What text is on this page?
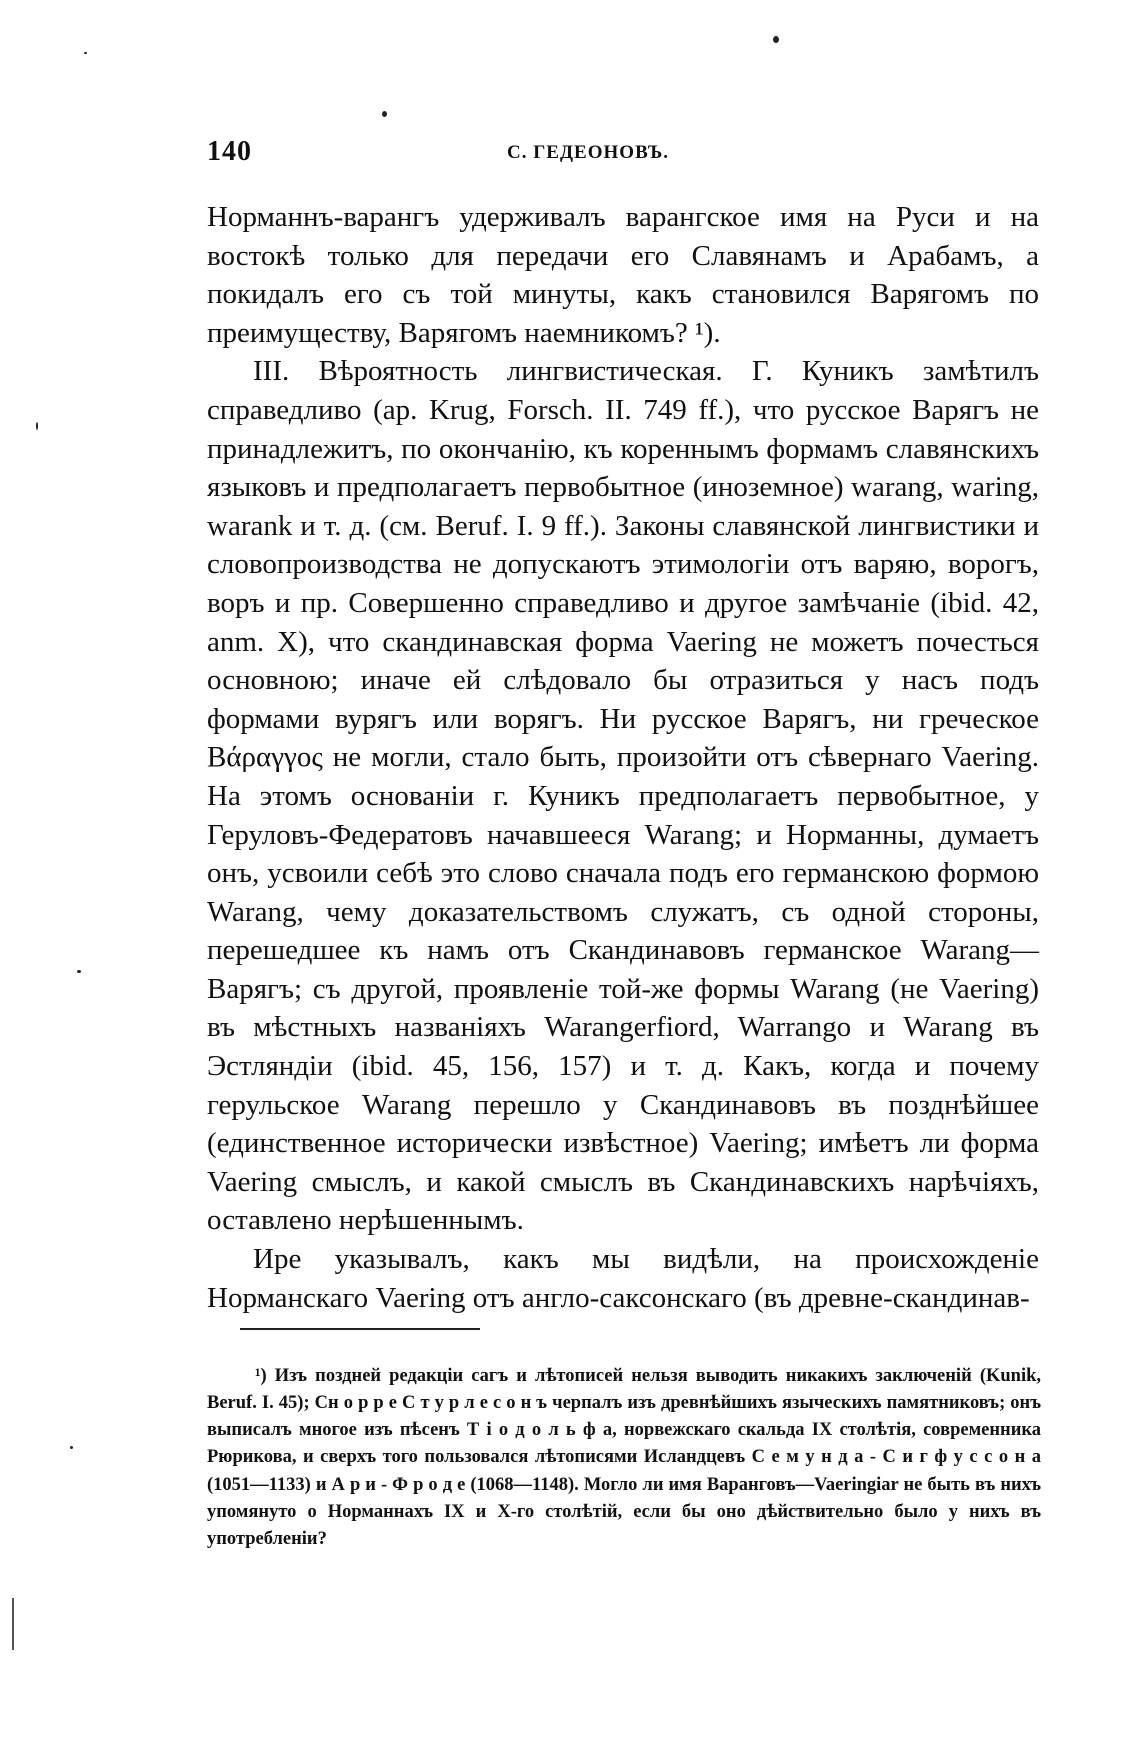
140	С. ГЕДЕОНОВЪ.

Норманнъ-варангъ удерживалъ варангское имя на Руси и на востокѣ только для передачи его Славянамъ и Арабамъ, а покидалъ его съ той минуты, какъ становился Варягомъ по преимуществу, Варягомъ наемникомъ? ¹).

III. Вѣроятность лингвистическая. Г. Куникъ замѣтилъ справедливо (ар. Krug, Forsch. II. 749 ff.), что русское Варягъ не принадлежитъ, по окончанію, къ кореннымъ формамъ славянскихъ языковъ и предполагаетъ первобытное (иноземное) warang, waring, warank и т. д. (см. Beruf. I. 9 ff.). Законы славянской лингвистики и словопроизводства не допускаютъ этимологіи отъ варяю, ворогъ, воръ и пр. Совершенно справедливо и другое замѣчаніе (ibid. 42, anm. X), что скандинавская форма Vaering не можетъ почесться основною; иначе ей слѣдовало бы отразиться у насъ подъ формами вурягъ или ворягъ. Ни русское Варягъ, ни греческое Βάραγγος не могли, стало быть, произойти отъ сѣвернаго Vaering. На этомъ основаніи г. Куникъ предполагаетъ первобытное, у Геруловъ-Федератовъ начавшееся Warang; и Норманны, думаетъ онъ, усвоили себѣ это слово сначала подъ его германскою формою Warang, чему доказательствомъ служатъ, съ одной стороны, перешедшее къ намъ отъ Скандинавовъ германское Warang—Варягъ; съ другой, проявленіе той-же формы Warang (не Vaering) въ мѣстныхъ названіяхъ Warangerfiord, Warrango и Warang въ Эстляндіи (ibid. 45, 156, 157) и т. д. Какъ, когда и почему герульское Warang перешло у Скандинавовъ въ позднѣйшее (единственное исторически извѣстное) Vaering; имѣетъ ли форма Vaering смыслъ, и какой смыслъ въ Скандинавскихъ нарѣчіяхъ, оставлено нерѣшеннымъ.

Ире указывалъ, какъ мы видѣли, на происхожденіе Норманскаго Vaering отъ англо-саксонскаго (въ древне-скандинав-

¹) Изъ поздней редакціи сагъ и лѣтописей нельзя выводить никакихъ заключеній (Kunik, Beruf. I. 45); Сн о р р е С т у р л е с о н ъ черпалъ изъ древнѣйшихъ языческихъ памятниковъ; онъ выписалъ многое изъ пѣсенъ Т і о д о л ь ф а, норвежскаго скальда IX столѣтія, современника Рюрикова, и сверхъ того пользовался лѣтописями Исландцевъ С е м у н д а - С и г ф у с с о н а (1051—1133) и А р и - Ф р о д е (1068—1148). Могло ли имя Варанговъ—Vaeringiar не быть въ нихъ упомянуто о Норманнахъ IX и X-го столѣтій, если бы оно дѣйствительно было у нихъ въ употребленіи?
